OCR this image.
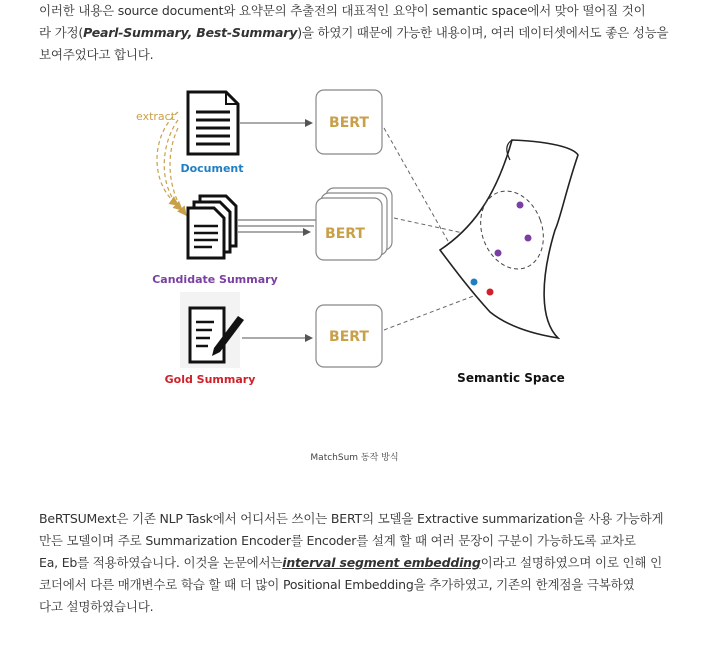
이러한 내용은 source document와 요약문의 추출전의 대표적인 요약이 semantic space에서 맞아 떨어질 것이
라 가정(Pearl-Summary, Best-Summary)을 하였기 때문에 가능한 내용이며, 여러 데이터셋에서도 좋은 성능을
보여주었다고 합니다.
extract
Document
BERT
Candidate Summary
BERT
Gold Summary
BERT
Semantic Space
MatchSum 동작 방식
BeRTSUMext은 기존 NLP Task에서 어디서든 쓰이는 BERT의 모델을 Extractive summarization을 사용 가능하게
만든 모델이며 주로 Summarization Encoder를 Encoder를 설계 할 때 여러 문장이 구분이 가능하도록 교차로
Ea, Eb를 적용하였습니다. 이것을 논문에서는interval segment embedding이라고 설명하였으며 이로 인해 인
코더에서 다른 매개변수로 학습 할 때 더 많이 Positional Embedding을 추가하였고, 기존의 한계점을 극복하였
다고 설명하였습니다.
